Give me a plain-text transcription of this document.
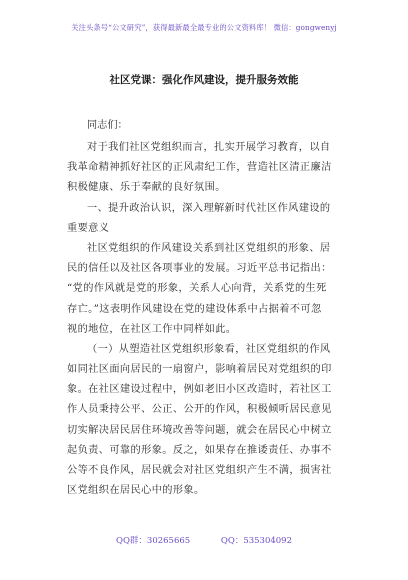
关注头条号“公文研究”，获得最新最全最专业的公文资料库！ 微信：gongwenyj
社区党课：强化作风建设，提升服务效能
同志们：
对于我们社区党组织而言，扎实开展学习教育，以自
我革命精神抓好社区的正风肃纪工作，营造社区清正廉洁
积极健康、乐于奉献的良好氛围。
一、提升政治认识，深入理解新时代社区作风建设的
重要意义
社区党组织的作风建设关系到社区党组织的形象、居
民的信任以及社区各项事业的发展。习近平总书记指出：
“党的作风就是党的形象，关系人心向背，关系党的生死
存亡。”这表明作风建设在党的建设体系中占据着不可忽
视的地位，在社区工作中同样如此。
（一）从塑造社区党组织形象看，社区党组织的作风
如同社区面向居民的一扇窗户，影响着居民对党组织的印
象。在社区建设过程中，例如老旧小区改造时，若社区工
作人员秉持公平、公正、公开的作风，积极倾听居民意见
切实解决居民居住环境改善等问题，就会在居民心中树立
起负责、可靠的形象。反之，如果存在推诿责任、办事不
公等不良作风，居民就会对社区党组织产生不满，损害社
区党组织在居民心中的形象。
QQ群：30265665	QQ：535304092
